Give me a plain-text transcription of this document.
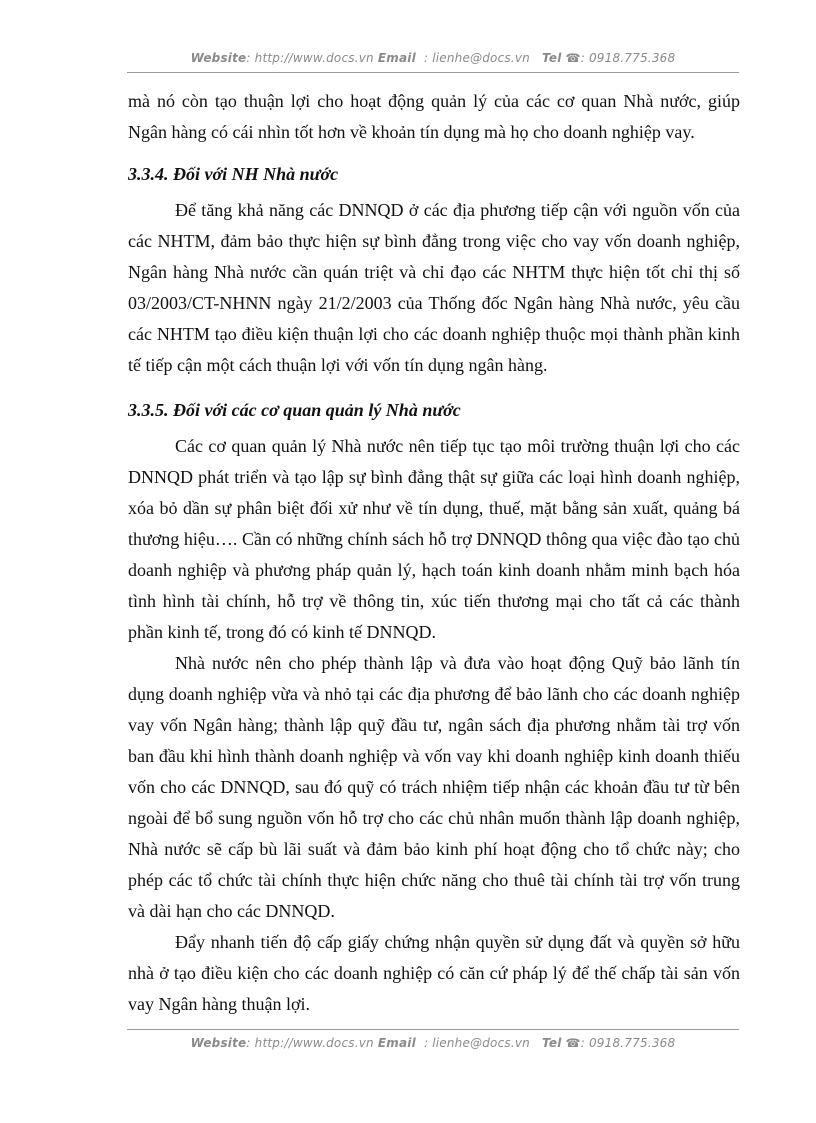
Website: http://www.docs.vn Email : lienhe@docs.vn Tel ☎: 0918.775.368

mà nó còn tạo thuận lợi cho hoạt động quản lý của các cơ quan Nhà nước, giúp Ngân hàng có cái nhìn tốt hơn về khoản tín dụng mà họ cho doanh nghiệp vay.

3.3.4. Đối với NH Nhà nước

Để tăng khả năng các DNNQD ở các địa phương tiếp cận với nguồn vốn của các NHTM, đảm bảo thực hiện sự bình đẳng trong việc cho vay vốn doanh nghiệp, Ngân hàng Nhà nước cần quán triệt và chỉ đạo các NHTM thực hiện tốt chỉ thị số 03/2003/CT-NHNN ngày 21/2/2003 của Thống đốc Ngân hàng Nhà nước, yêu cầu các NHTM tạo điều kiện thuận lợi cho các doanh nghiệp thuộc mọi thành phần kinh tế tiếp cận một cách thuận lợi với vốn tín dụng ngân hàng.

3.3.5. Đối với các cơ quan quản lý Nhà nước

Các cơ quan quản lý Nhà nước nên tiếp tục tạo môi trường thuận lợi cho các DNNQD phát triển và tạo lập sự bình đẳng thật sự giữa các loại hình doanh nghiệp, xóa bỏ dần sự phân biệt đối xử như về tín dụng, thuế, mặt bằng sản xuất, quảng bá thương hiệu…. Cần có những chính sách hỗ trợ DNNQD thông qua việc đào tạo chủ doanh nghiệp và phương pháp quản lý, hạch toán kinh doanh nhằm minh bạch hóa tình hình tài chính, hỗ trợ về thông tin, xúc tiến thương mại cho tất cả các thành phần kinh tế, trong đó có kinh tế DNNQD.

Nhà nước nên cho phép thành lập và đưa vào hoạt động Quỹ bảo lãnh tín dụng doanh nghiệp vừa và nhỏ tại các địa phương để bảo lãnh cho các doanh nghiệp vay vốn Ngân hàng; thành lập quỹ đầu tư, ngân sách địa phương nhằm tài trợ vốn ban đầu khi hình thành doanh nghiệp và vốn vay khi doanh nghiệp kinh doanh thiếu vốn cho các DNNQD, sau đó quỹ có trách nhiệm tiếp nhận các khoản đầu tư từ bên ngoài để bổ sung nguồn vốn hỗ trợ cho các chủ nhân muốn thành lập doanh nghiệp, Nhà nước sẽ cấp bù lãi suất và đảm bảo kinh phí hoạt động cho tổ chức này; cho phép các tổ chức tài chính thực hiện chức năng cho thuê tài chính tài trợ vốn trung và dài hạn cho các DNNQD.

Đẩy nhanh tiến độ cấp giấy chứng nhận quyền sử dụng đất và quyền sở hữu nhà ở tạo điều kiện cho các doanh nghiệp có căn cứ pháp lý để thế chấp tài sản vốn vay Ngân hàng thuận lợi.

Website: http://www.docs.vn Email : lienhe@docs.vn Tel ☎: 0918.775.368
